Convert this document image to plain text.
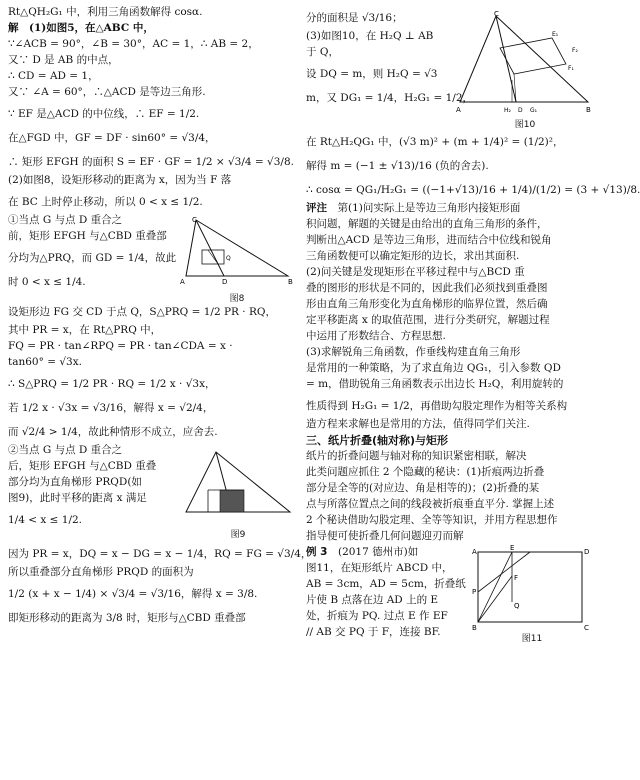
Rt△QH₂G₁ 中，利用三角函数解得 cosα.
解　(1)如图5，在△ABC 中，
∵∠ACB = 90°，∠B = 30°，AC = 1，∴ AB = 2，
又∵ D 是 AB 的中点，
∴ CD = AD = 1，
又∵ ∠A = 60°，∴△ACD 是等边三角形.
∵ EF 是△ACD 的中位线，∴ EF = 1/2.
在△FGD 中，GF = DF · sin60° = √3/4，
∴ 矩形 EFGH 的面积 S = EF · GF = 1/2 × √3/4 = √3/8.
(2)如图8，设矩形移动的距离为 x，因为当 F 落
在 BC 上时停止移动，所以 0 < x ≤ 1/2.
①当点 G 与点 D 重合之
前，矩形 EFGH 与△CBD 重叠部
分均为△PRQ，而 GD = 1/4，故此
时 0 < x ≤ 1/4.
C
A	B
D
Q
图8
设矩形边 FG 交 CD 于点 Q，S△PRQ = 1/2 PR · RQ，
其中 PR = x，在 Rt△PRQ 中，
FQ = PR · tan∠RPQ = PR · tan∠CDA = x ·
tan60° = √3x.
∴ S△PRQ = 1/2 PR · RQ = 1/2 x · √3x，
若 1/2 x · √3x = √3/16，解得 x = √2/4，
而 √2/4 > 1/4，故此种情形不成立，应舍去.
②当点 G 与点 D 重合之
后，矩形 EFGH 与△CBD 重叠
部分均为直角梯形 PRQD(如
图9)，此时平移的距离 x 满足
1/4 < x ≤ 1/2.
图9
因为 PR = x，DQ = x − DG = x − 1/4，RQ = FG = √3/4，
所以重叠部分直角梯形 PRQD 的面积为
1/2 (x + x − 1/4) × √3/4 = √3/16，解得 x = 3/8.
即矩形移动的距离为 3/8 时，矩形与△CBD 重叠部
分的面积是 √3/16；
(3)如图10，在 H₂Q ⊥ AB
于 Q，
设 DQ = m，则 H₂Q = √3
m，又 DG₁ = 1/4，H₂G₁ = 1/2，
C
A	B
D G₁
H₂
E₁
F₁
F₂
图10
在 Rt△H₂QG₁ 中，(√3 m)² + (m + 1/4)² = (1/2)²，
解得 m = (−1 ± √13)/16 (负的舍去).
∴ cosα = QG₁/H₂G₁ = ((−1+√13)/16 + 1/4)/(1/2) = (3 + √13)/8.
评注　第(1)问实际上是等边三角形内接矩形面
积问题，解题的关键是由给出的直角三角形的条件，
判断出△ACD 是等边三角形，进而结合中位线和锐角
三角函数便可以确定矩形的边长，求出其面积.
(2)问关键是发现矩形在平移过程中与△BCD 重
叠的图形的形状是不同的，因此我们必须找到重叠图
形由直角三角形变化为直角梯形的临界位置，然后确
定平移距离 x 的取值范围，进行分类研究，解题过程
中运用了形数结合、方程思想.
(3)求解锐角三角函数，作垂线构建直角三角形
是常用的一种策略，为了求直角边 QG₁，引入参数 QD
= m，借助锐角三角函数表示出边长 H₂Q，利用旋转的
性质得到 H₂G₁ = 1/2，再借助勾股定理作为相等关系构
造方程来求解也是常用的方法，值得同学们关注.
三、纸片折叠(轴对称)与矩形
纸片的折叠问题与轴对称的知识紧密相联，解决
此类问题应抓住 2 个隐藏的秘诀：(1)折痕两边折叠
部分是全等的(对应边、角是相等的)；(2)折叠的某
点与所落位置点之间的线段被折痕垂直平分. 掌握上述
2 个秘诀借助勾股定理、全等等知识，并用方程思想作
指导便可使折叠几何问题迎刃而解
例 3　(2017 德州市)如
图11，在矩形纸片 ABCD 中，
AB = 3cm，AD = 5cm，折叠纸
片使 B 点落在边 AD 上的 E
处，折痕为 PQ. 过点 E 作 EF
// AB 交 PQ 于 F，连接 BF.
A	E	D
B	C
P
F
Q
图11
